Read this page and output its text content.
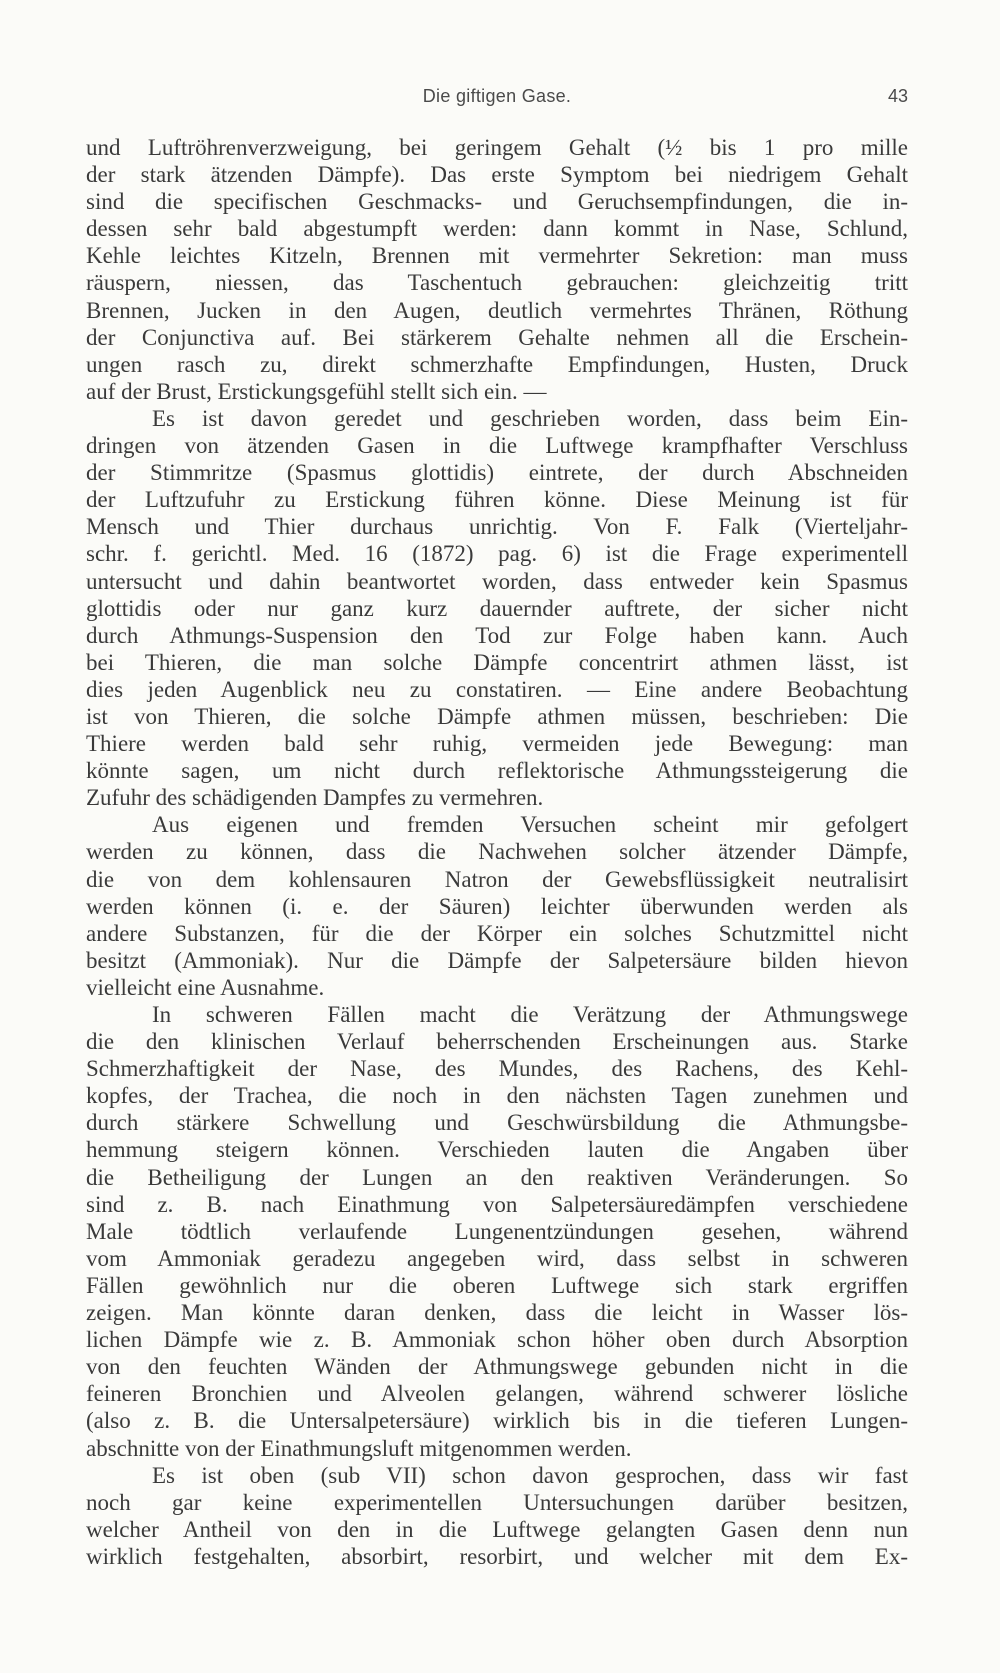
Die giftigen Gase.	43
und Luftröhrenverzweigung, bei geringem Gehalt (½ bis 1 pro mille
der stark ätzenden Dämpfe). Das erste Symptom bei niedrigem Gehalt
sind die specifischen Geschmacks- und Geruchsempfindungen, die in-
dessen sehr bald abgestumpft werden: dann kommt in Nase, Schlund,
Kehle leichtes Kitzeln, Brennen mit vermehrter Sekretion: man muss
räuspern, niessen, das Taschentuch gebrauchen: gleichzeitig tritt
Brennen, Jucken in den Augen, deutlich vermehrtes Thränen, Röthung
der Conjunctiva auf. Bei stärkerem Gehalte nehmen all die Erschein-
ungen rasch zu, direkt schmerzhafte Empfindungen, Husten, Druck
auf der Brust, Erstickungsgefühl stellt sich ein. —
Es ist davon geredet und geschrieben worden, dass beim Ein-
dringen von ätzenden Gasen in die Luftwege krampfhafter Verschluss
der Stimmritze (Spasmus glottidis) eintrete, der durch Abschneiden
der Luftzufuhr zu Erstickung führen könne. Diese Meinung ist für
Mensch und Thier durchaus unrichtig. Von F. Falk (Vierteljahr-
schr. f. gerichtl. Med. 16 (1872) pag. 6) ist die Frage experimentell
untersucht und dahin beantwortet worden, dass entweder kein Spasmus
glottidis oder nur ganz kurz dauernder auftrete, der sicher nicht
durch Athmungs-Suspension den Tod zur Folge haben kann. Auch
bei Thieren, die man solche Dämpfe concentrirt athmen lässt, ist
dies jeden Augenblick neu zu constatiren. — Eine andere Beobachtung
ist von Thieren, die solche Dämpfe athmen müssen, beschrieben: Die
Thiere werden bald sehr ruhig, vermeiden jede Bewegung: man
könnte sagen, um nicht durch reflektorische Athmungssteigerung die
Zufuhr des schädigenden Dampfes zu vermehren.
Aus eigenen und fremden Versuchen scheint mir gefolgert
werden zu können, dass die Nachwehen solcher ätzender Dämpfe,
die von dem kohlensauren Natron der Gewebsflüssigkeit neutralisirt
werden können (i. e. der Säuren) leichter überwunden werden als
andere Substanzen, für die der Körper ein solches Schutzmittel nicht
besitzt (Ammoniak). Nur die Dämpfe der Salpetersäure bilden hievon
vielleicht eine Ausnahme.
In schweren Fällen macht die Verätzung der Athmungswege
die den klinischen Verlauf beherrschenden Erscheinungen aus. Starke
Schmerzhaftigkeit der Nase, des Mundes, des Rachens, des Kehl-
kopfes, der Trachea, die noch in den nächsten Tagen zunehmen und
durch stärkere Schwellung und Geschwürsbildung die Athmungsbe-
hemmung steigern können. Verschieden lauten die Angaben über
die Betheiligung der Lungen an den reaktiven Veränderungen. So
sind z. B. nach Einathmung von Salpetersäuredämpfen verschiedene
Male tödtlich verlaufende Lungenentzündungen gesehen, während
vom Ammoniak geradezu angegeben wird, dass selbst in schweren
Fällen gewöhnlich nur die oberen Luftwege sich stark ergriffen
zeigen. Man könnte daran denken, dass die leicht in Wasser lös-
lichen Dämpfe wie z. B. Ammoniak schon höher oben durch Absorption
von den feuchten Wänden der Athmungswege gebunden nicht in die
feineren Bronchien und Alveolen gelangen, während schwerer lösliche
(also z. B. die Untersalpetersäure) wirklich bis in die tieferen Lungen-
abschnitte von der Einathmungsluft mitgenommen werden.
Es ist oben (sub VII) schon davon gesprochen, dass wir fast
noch gar keine experimentellen Untersuchungen darüber besitzen,
welcher Antheil von den in die Luftwege gelangten Gasen denn nun
wirklich festgehalten, absorbirt, resorbirt, und welcher mit dem Ex-
